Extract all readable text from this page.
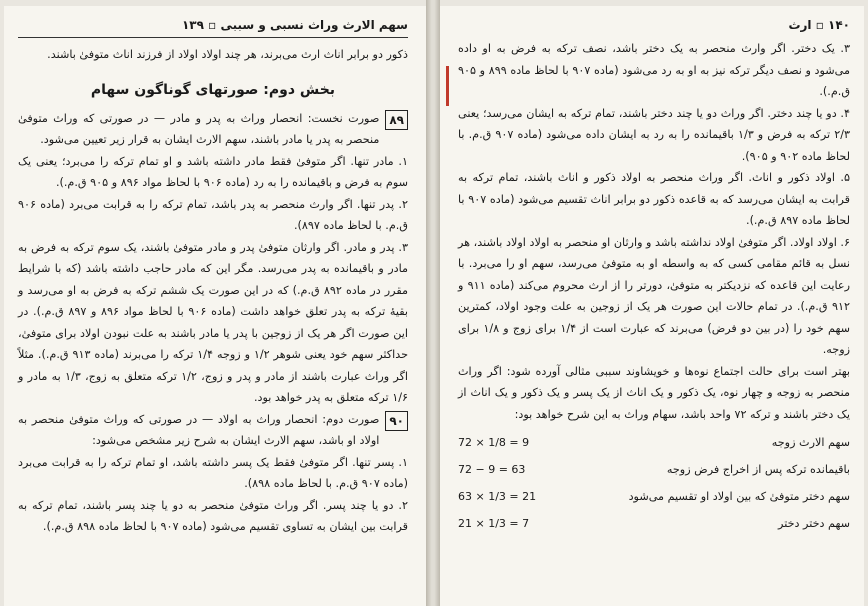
سهم الارث وراث نسبی و سببی ▫ ۱۳۹

ذکور دو برابر اناث ارث می‌برند، هر چند اولاد اولاد از فرزند اناث متوفیٰ باشند.

بخش دوم: صورتهای گوناگون سهام
۸۹

صورت نخست: انحصار وراث به پدر و مادر — در صورتی که وراث متوفیٰ منحصر به پدر یا مادر باشند، سهم الارث ایشان به قرار زیر تعیین می‌شود.

۱. مادر تنها. اگر متوفیٰ فقط مادر داشته باشد و او تمام ترکه را می‌برد؛ یعنی یک سوم به فرض و باقیمانده را به رد (ماده ۹۰۶ با لحاظ مواد ۸۹۶ و ۹۰۵ ق.م.).

۲. پدر تنها. اگر وارث منحصر به پدر باشد، تمام ترکه را به قرابت می‌برد (ماده ۹۰۶ ق.م. با لحاظ ماده ۸۹۷).

۳. پدر و مادر. اگر وارثان متوفیٰ پدر و مادر متوفیٰ باشند، یک سوم ترکه به فرض به مادر و باقیمانده به پدر می‌رسد. مگر این که مادر حاجب داشته باشد (که با شرایط مقرر در ماده ۸۹۲ ق.م.) که در این صورت یک ششم ترکه به فرض به او می‌رسد و بقیهٔ ترکه به پدر تعلق خواهد داشت (ماده ۹۰۶ با لحاظ مواد ۸۹۶ و ۸۹۷ ق.م.). در این صورت اگر هر یک از زوجین با پدر یا مادر باشند به علت نبودن اولاد برای متوفیٰ، حداکثر سهم خود یعنی شوهر ۱/۲ و زوجه ۱/۴ ترکه را می‌برند (ماده ۹۱۳ ق.م.). مثلاً اگر وراث عبارت باشند از مادر و پدر و زوج، ۱/۲ ترکه متعلق به زوج، ۱/۳ به مادر و ۱/۶ ترکه متعلق به پدر خواهد بود.

۹۰

صورت دوم: انحصار وراث به اولاد — در صورتی که وراث متوفیٰ منحصر به اولاد او باشد، سهم الارث ایشان به شرح زیر مشخص می‌شود:

۱. پسر تنها. اگر متوفیٰ فقط یک پسر داشته باشد، او تمام ترکه را به قرابت می‌برد (ماده ۹۰۷ ق.م. با لحاظ ماده ۸۹۸).

۲. دو یا چند پسر. اگر وراث متوفیٰ منحصر به دو یا چند پسر باشند، تمام ترکه به قرابت بین ایشان به تساوی تقسیم می‌شود (ماده ۹۰۷ با لحاظ ماده ۸۹۸ ق.م.).

۱۴۰ ▫ ارث

۳. یک دختر. اگر وارث منحصر به یک دختر باشد، نصف ترکه به فرض به او داده می‌شود و نصف دیگر ترکه نیز به او به رد می‌شود (ماده ۹۰۷ با لحاظ ماده ۸۹۹ و ۹۰۵ ق.م.).

۴. دو یا چند دختر. اگر وراث دو یا چند دختر باشند، تمام ترکه به ایشان می‌رسد؛ یعنی ۲/۳ ترکه به فرض و ۱/۳ باقیمانده را به رد به ایشان داده می‌شود (ماده ۹۰۷ ق.م. با لحاظ ماده ۹۰۲ و ۹۰۵).

۵. اولاد ذکور و اناث. اگر وراث منحصر به اولاد ذکور و اناث باشند، تمام ترکه به قرابت به ایشان می‌رسد که به قاعده ذکور دو برابر اناث تقسیم می‌شود (ماده ۹۰۷ با لحاظ ماده ۸۹۷ ق.م.).

۶. اولاد اولاد. اگر متوفیٰ اولاد نداشته باشد و وارثان او منحصر به اولاد اولاد باشند، هر نسل به قائم مقامی کسی که به واسطه او به متوفیٰ می‌رسد، سهم او را می‌برد. با رعایت این قاعده که نزدیکتر به متوفیٰ، دورتر را از ارث محروم می‌کند (ماده ۹۱۱ و ۹۱۲ ق.م.). در تمام حالات این صورت هر یک از زوجین به علت وجود اولاد، کمترین سهم خود را (در بین دو فرض) می‌برند که عبارت است از ۱/۴ برای زوج و ۱/۸ برای زوجه.

بهتر است برای حالت اجتماع نوه‌ها و خویشاوند سببی مثالی آورده شود: اگر وراث منحصر به زوجه و چهار نوه، یک ذکور و یک اناث از یک پسر و یک ذکور و یک اناث از یک دختر باشند و ترکه ۷۲ واحد باشد، سهام وراث به این شرح خواهد بود:

سهم الارث زوجه
72 × 1/8 = 9
باقیمانده ترکه پس از اخراج فرض زوجه
72 − 9 = 63
سهم دختر متوفیٰ که بین اولاد او تقسیم می‌شود
63 × 1/3 = 21
سهم دختر دختر
21 × 1/3 = 7
